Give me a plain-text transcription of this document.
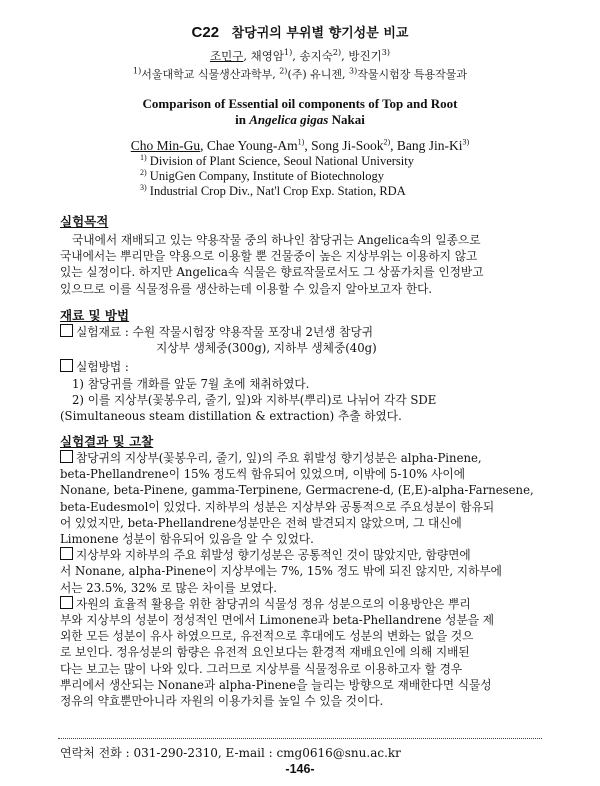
C22 참당귀의 부위별 향기성분 비교
조민구, 채영암$^{1)}$, 송지숙$^{2)}$, 방진기$^{3)}$
$^{1)}$서울대학교 식물생산과학부, $^{2)}$(주) 유니젠, $^{3)}$작물시험장 특용작물과
Comparison of Essential oil components of Top and Root
in Angelica gigas Nakai
Cho Min-Gu, Chae Young-Am$^{1)}$, Song Ji-Sook$^{2)}$, Bang Jin-Ki$^{3)}$
$^{1)}$ Division of Plant Science, Seoul National University
$^{2)}$ UnigGen Company, Institute of Biotechnology
$^{3)}$ Industrial Crop Div., Nat'l Crop Exp. Station, RDA
실험목적
국내에서 재배되고 있는 약용작물 중의 하나인 참당귀는 Angelica속의 일종으로
국내에서는 뿌리만을 약용으로 이용할 뿐 건물중이 높은 지상부위는 이용하지 않고
있는 실정이다. 하지만 Angelica속 식물은 향료작물로서도 그 상품가치를 인정받고
있으므로 이를 식물정유를 생산하는데 이용할 수 있을지 알아보고자 한다.
재료 및 방법
실험재료 : 수원 작물시험장 약용작물 포장내 2년생 참당귀
지상부 생체중(300g), 지하부 생체중(40g)
실험방법 :
1) 참당귀를 개화를 앞둔 7월 초에 채취하였다.
2) 이를 지상부(꽃봉우리, 줄기, 잎)와 지하부(뿌리)로 나뉘어 각각 SDE
(Simultaneous steam distillation & extraction) 추출 하였다.
실험결과 및 고찰
참당귀의 지상부(꽃봉우리, 줄기, 잎)의 주요 휘발성 향기성분은 alpha-Pinene,
beta-Phellandrene이 15% 정도씩 함유되어 있었으며, 이밖에 5-10% 사이에
Nonane, beta-Pinene, gamma-Terpinene, Germacrene-d, (E,E)-alpha-Farnesene,
beta-Eudesmol이 있었다. 지하부의 성분은 지상부와 공통적으로 주요성분이 함유되
어 있었지만, beta-Phellandrene성분만은 전혀 발견되지 않았으며, 그 대신에
Limonene 성분이 함유되어 있음을 알 수 있었다.
지상부와 지하부의 주요 휘발성 향기성분은 공통적인 것이 많았지만, 함량면에
서 Nonane, alpha-Pinene이 지상부에는 7%, 15% 정도 밖에 되진 않지만, 지하부에
서는 23.5%, 32% 로 많은 차이를 보였다.
자원의 효율적 활용을 위한 참당귀의 식물성 정유 성분으로의 이용방안은 뿌리
부와 지상부의 성분이 정성적인 면에서 Limonene과 beta-Phellandrene 성분을 제
외한 모든 성분이 유사 하였으므로, 유전적으로 후대에도 성분의 변화는 없을 것으
로 보인다. 정유성분의 함량은 유전적 요인보다는 환경적 재배요인에 의해 지배된
다는 보고는 많이 나와 있다. 그러므로 지상부를 식물정유로 이용하고자 할 경우
뿌리에서 생산되는 Nonane과 alpha-Pinene을 늘리는 방향으로 재배한다면 식물성
정유의 약효뿐만아니라 자원의 이용가치를 높일 수 있을 것이다.
연락처 전화 : 031-290-2310, E-mail : cmg0616@snu.ac.kr
-146-
